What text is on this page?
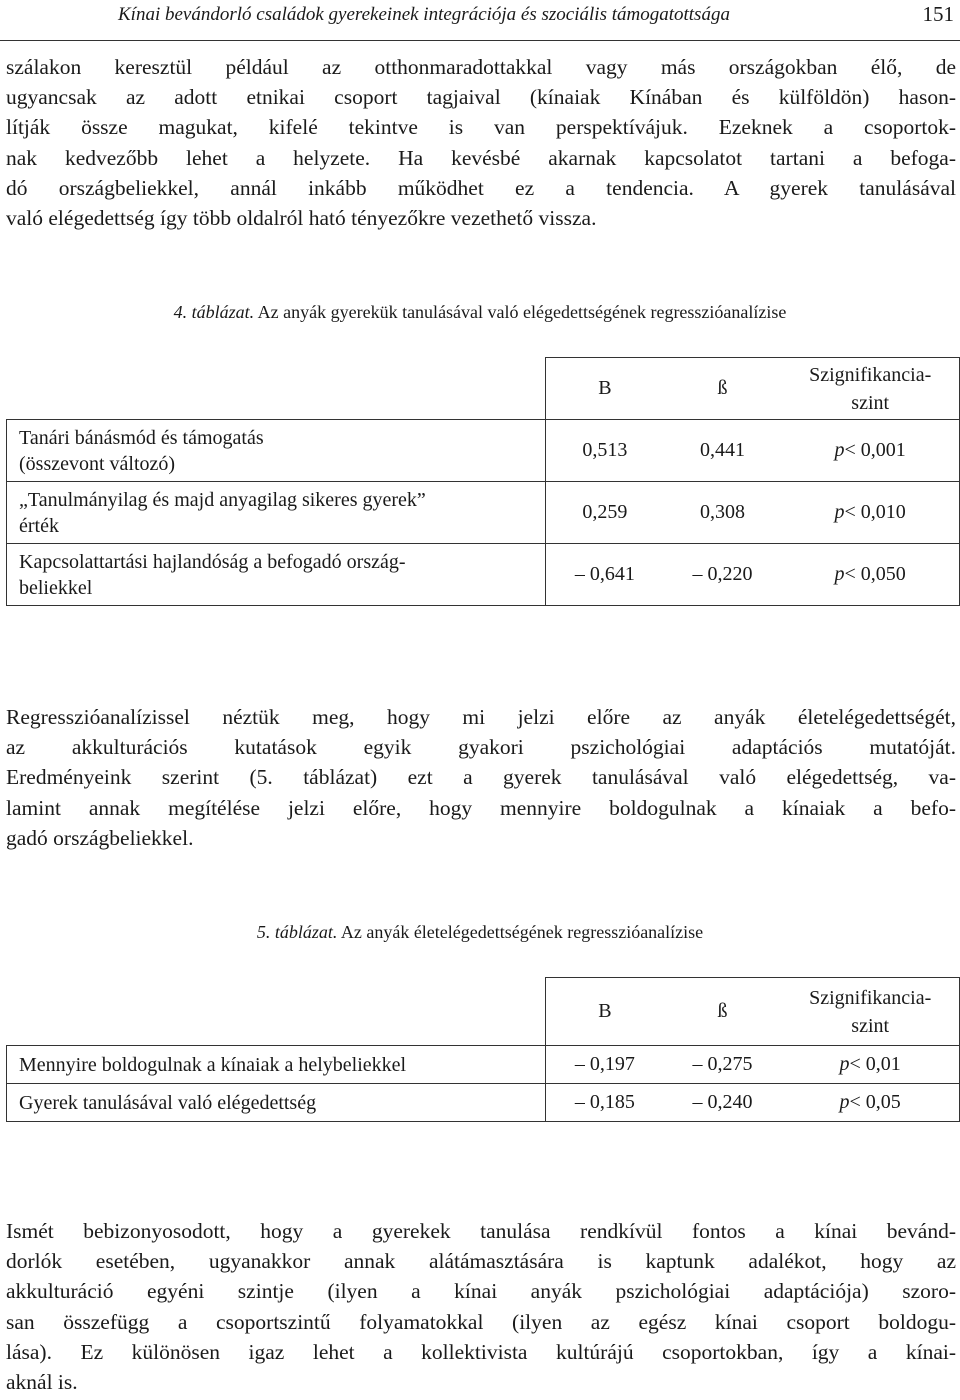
Kínai bevándorló családok gyerekeinek integrációja és szociális támogatottsága	151
szálakon keresztül például az otthonmaradottakkal vagy más országokban élő, de
ugyancsak az adott etnikai csoport tagjaival (kínaiak Kínában és külföldön) hason-
lítják össze magukat, kifelé tekintve is van perspektívájuk. Ezeknek a csoportok-
nak kedvezőbb lehet a helyzete. Ha kevésbé akarnak kapcsolatot tartani a befoga-
dó országbeliekkel, annál inkább működhet ez a tendencia. A gyerek tanulásával
való elégedettség így több oldalról ható tényezőkre vezethető vissza.
4. táblázat. Az anyák gyerekük tanulásával való elégedettségének regresszióanalízise

	B ß
Szignifikancia-
szint

Tanári bánásmód és támogatás
(összevont változó)	0,513 0,441 p< 0,001

„Tanulmányilag és majd anyagilag sikeres gyerek”
érték	0,259 0,308 p< 0,010

Kapcsolattartási hajlandóság a befogadó ország-
beliekkel	– 0,641 – 0,220 p< 0,050
Regresszióanalízissel néztük meg, hogy mi jelzi előre az anyák életelégedettségét,
az akkulturációs kutatások egyik gyakori pszichológiai adaptációs mutatóját.
Eredményeink szerint (5. táblázat) ezt a gyerek tanulásával való elégedettség, va-
lamint annak megítélése jelzi előre, hogy mennyire boldogulnak a kínaiak a befo-
gadó országbeliekkel.
5. táblázat. Az anyák életelégedettségének regresszióanalízise

	B ß
Szignifikancia-
szint

Mennyire boldogulnak a kínaiak a helybeliekkel	– 0,197 – 0,275 p< 0,01

Gyerek tanulásával való elégedettség	– 0,185 – 0,240 p< 0,05
Ismét bebizonyosodott, hogy a gyerekek tanulása rendkívül fontos a kínai bevánd-
dorlók esetében, ugyanakkor annak alátámasztására is kaptunk adalékot, hogy az
akkulturáció egyéni szintje (ilyen a kínai anyák pszichológiai adaptációja) szoro-
san összefügg a csoportszintű folyamatokkal (ilyen az egész kínai csoport boldogu-
lása). Ez különösen igaz lehet a kollektivista kultúrájú csoportokban, így a kínai-
aknál is.
